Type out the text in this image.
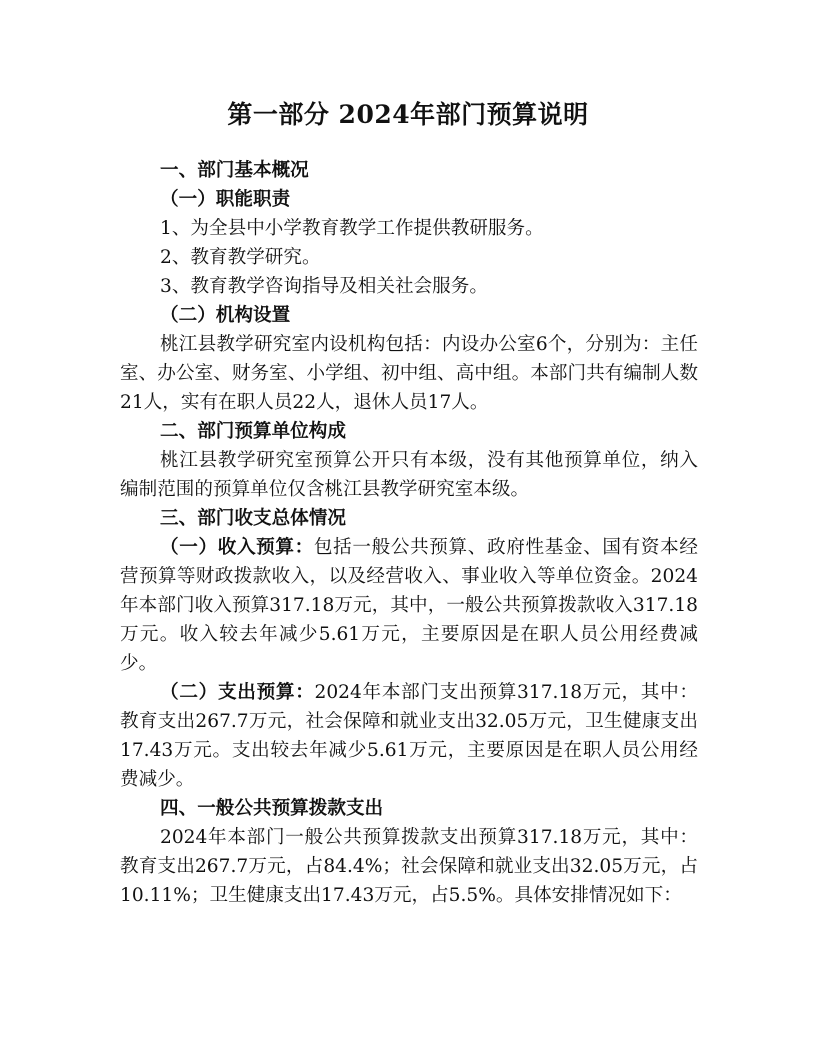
第一部分 2024年部门预算说明

一、部门基本概况

（一）职能职责

1、为全县中小学教育教学工作提供教研服务。

2、教育教学研究。

3、教育教学咨询指导及相关社会服务。

（二）机构设置

桃江县教学研究室内设机构包括：内设办公室6个，分别为：主任室、办公室、财务室、小学组、初中组、高中组。本部门共有编制人数21人，实有在职人员22人，退休人员17人。

二、部门预算单位构成

桃江县教学研究室预算公开只有本级，没有其他预算单位，纳入编制范围的预算单位仅含桃江县教学研究室本级。

三、部门收支总体情况

（一）收入预算：包括一般公共预算、政府性基金、国有资本经营预算等财政拨款收入，以及经营收入、事业收入等单位资金。2024年本部门收入预算317.18万元，其中，一般公共预算拨款收入317.18万元。收入较去年减少5.61万元，主要原因是在职人员公用经费减少。

（二）支出预算：2024年本部门支出预算317.18万元，其中：教育支出267.7万元，社会保障和就业支出32.05万元，卫生健康支出17.43万元。支出较去年减少5.61万元，主要原因是在职人员公用经费减少。

四、一般公共预算拨款支出

2024年本部门一般公共预算拨款支出预算317.18万元，其中：教育支出267.7万元，占84.4%；社会保障和就业支出32.05万元，占10.11%；卫生健康支出17.43万元，占5.5%。具体安排情况如下：
